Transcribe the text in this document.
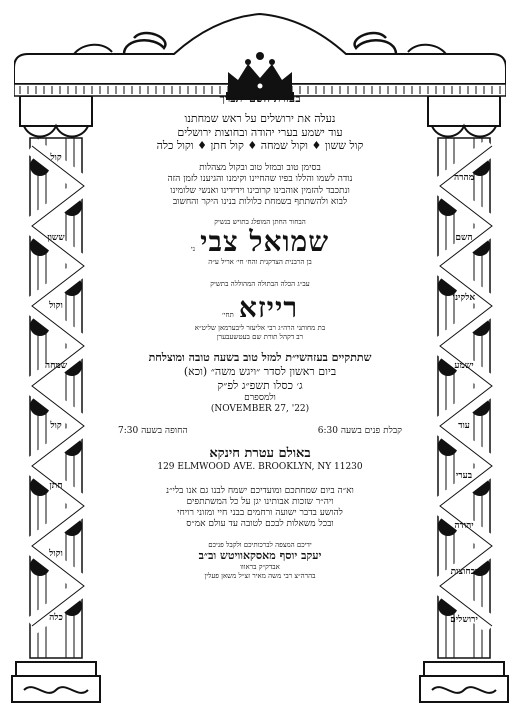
קול
ששון
וקול
שמחה
קול
חתן
וקול
כלה
מהרה
השם
אלקינו
ישמע
עוד
בערי
יהודה
ובחוצות
ירושלים
בעזרת השם יתברך
נעלה את ירושלים על ראש שמחתנו
עוד ישמע בערי יהודה ובחוצות ירושלים
קול ששון ♦ וקול שמחה ♦ קול חתן ♦ וקול כלה
בסימן טוב ובמזל טוב ובקול מצהלות
נודה לשמו והללו בפיו שהחיינו וקימנו והגיענו לזמן הזה
ונתכבד להזמין אוהבינו קרובינו וידידינו ואנשי שלומינו
לבוא ולהשתתף בשמחת כלולות בנינו היקר והחשוב
הבחור החתן המופלג בתויש בנשיק
שמואל צבי ני
בן הרבנית הצדקנית והח׳ חי׳ אריל ע״ה
עב״ג הכלה הבתולה המהוללה בתשיק
רייזא תחי׳
בת מחותני הרה״ג רבי אליעזר ליבערמאן שליט״א
רב דקהל תורת שם בעטשעבערן
שתתקיים בעזהשי״ת למזל טוב בשעה טובה ומוצלחת
ביום ראשון לסדר ״ויגש משה״ (וכא)
ג׳ כסלו תשפ״ג לפ״ק
ולמספרם
(NOVEMBER 27, '22)
קבלת פנים בשעה 6:30
החופה בשעה 7:30
באולם עטרת חינקא
129 ELMWOOD AVE. BROOKLYN, NY 11230
וא״ה ביום שמחתכם ומועדיכם ישמח לבנו גם אנו בלי״נ
ויה״ר שזכות אבותינו יגן על כל המשתתפים
להושע בדבר ישועה ורחמים בבני חיי ומזוני רויחי
ובכל משאלות לבכם לטובה עד עולם אמ״ס
ידיכם המצפה לברכותיכם ולקבל פניכם
יעקב יוסף מאסקאוויטש וב״ב
אבדק״ק בראווו
בהרה״צ רבי משה מאיר זצ״ל משאן פעלין
